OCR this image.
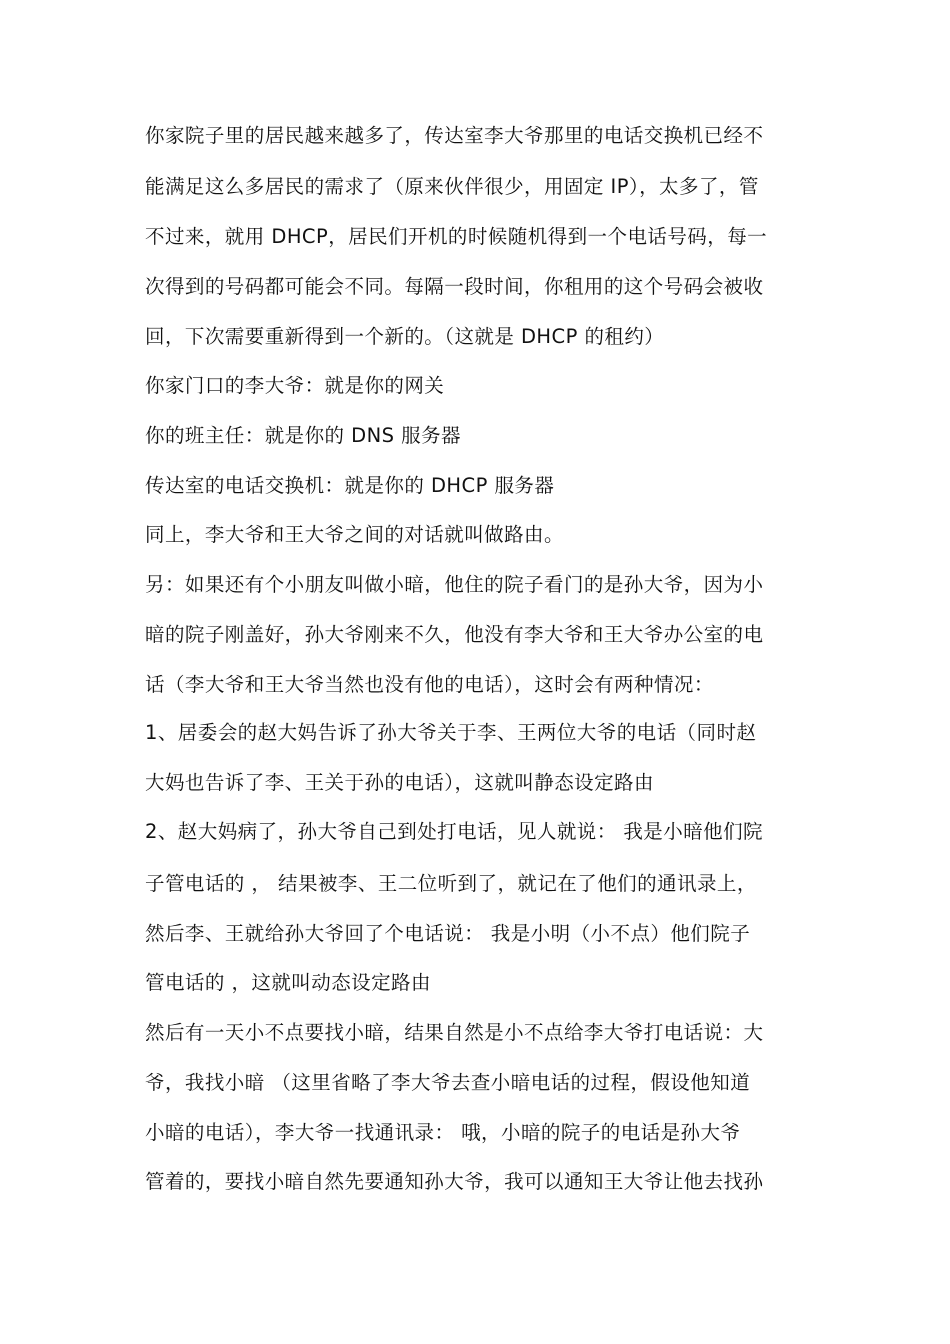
你家院子里的居民越来越多了，传达室李大爷那里的电话交换机已经不
能满足这么多居民的需求了（原来伙伴很少，用固定 IP），太多了，管
不过来，就用 DHCP，居民们开机的时候随机得到一个电话号码，每一
次得到的号码都可能会不同。每隔一段时间，你租用的这个号码会被收
回，下次需要重新得到一个新的。（这就是 DHCP 的租约）
你家门口的李大爷：就是你的网关
你的班主任：就是你的 DNS 服务器
传达室的电话交换机：就是你的 DHCP 服务器
同上，李大爷和王大爷之间的对话就叫做路由。
另：如果还有个小朋友叫做小暗，他住的院子看门的是孙大爷，因为小
暗的院子刚盖好，孙大爷刚来不久，他没有李大爷和王大爷办公室的电
话（李大爷和王大爷当然也没有他的电话），这时会有两种情况：
1、居委会的赵大妈告诉了孙大爷关于李、王两位大爷的电话（同时赵
大妈也告诉了李、王关于孙的电话），这就叫静态设定路由
2、赵大妈病了，孙大爷自己到处打电话，见人就说： 我是小暗他们院
子管电话的 ， 结果被李、王二位听到了，就记在了他们的通讯录上，
然后李、王就给孙大爷回了个电话说： 我是小明（小不点）他们院子
管电话的 ，这就叫动态设定路由
然后有一天小不点要找小暗，结果自然是小不点给李大爷打电话说：大
爷，我找小暗 （这里省略了李大爷去查小暗电话的过程，假设他知道
小暗的电话），李大爷一找通讯录： 哦，小暗的院子的电话是孙大爷
管着的，要找小暗自然先要通知孙大爷，我可以通知王大爷让他去找孙
